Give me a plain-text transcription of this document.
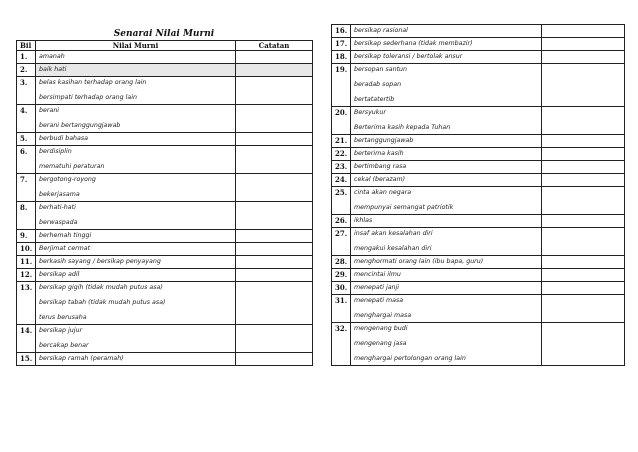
Senarai Nilai Murni
Bil	Nilai Murni	Catatan
1.	amanah	

2.	baik hati	

3.	belas kasihan terhadap orang lain
bersimpati terhadap orang lain	

4.	berani
berani bertanggungjawab	

5.	berbudi bahasa	

6.	berdisiplin
mematuhi peraturan	

7.	bergotong-royong
bekerjasama	

8.	berhati-hati
berwaspada	

9.	berhemah tinggi	

10.	Berjimat cermat	

11.	berkasih sayang / bersikap penyayang	

12.	bersikap adil	

13.	bersikap gigih (tidak mudah putus asa)
bersikap tabah (tidak mudah putus asa)
terus berusaha	

14.	bersikap jujur
bercakap benar	

15.	bersikap ramah (peramah)	

16.	bersikap rasional	

17.	bersikap sederhana (tidak membazir)	

18.	bersikap toleransi / bertolak ansur	

19.	bersopan santun
beradab sopan
bertatatertib	

20.	Bersyukur
Berterima kasih kepada Tuhan	

21.	bertanggungjawab	

22.	berterima kasih	

23.	bertimbang rasa	

24.	cekal (berazam)	

25.	cinta akan negara
mempunyai semangat patriotik	

26.	ikhlas	

27.	insaf akan kesalahan diri
mengakui kesalahan diri	

28.	menghormati orang lain (ibu bapa, guru)	

29.	mencintai ilmu	

30.	menepati janji	

31.	menepati masa
menghargai masa	

32.	mengenang budi
mengenang jasa
menghargai pertolongan orang lain	
